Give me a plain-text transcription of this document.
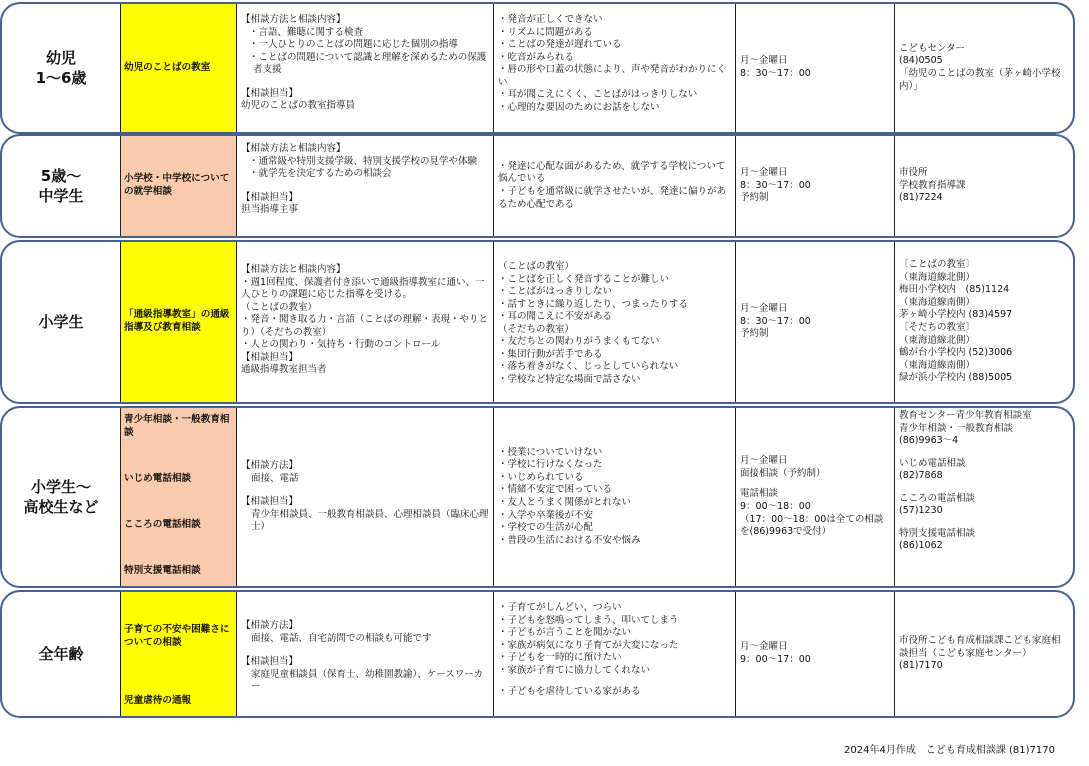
幼児
1～6歳
幼児のことばの教室
【相談方法と相談内容】
・言語、難聴に関する検査
・一人ひとりのことばの問題に応じた個別の指導
・ことばの問題について認識と理解を深めるための保護者支援
【相談担当】
幼児のことばの教室指導員
・発音が正しくできない
・リズムに問題がある
・ことばの発達が遅れている
・吃音がみられる
・唇の形や口蓋の状態により、声や発音がわかりにくい
・耳が聞こえにくく、ことばがはっきりしない
・心理的な要因のためにお話をしない
月～金曜日
8：30～17：00
こどもセンター
(84)0505
「幼児のことばの教室（茅ヶ崎小学校内）」
5歳～
中学生
小学校・中学校についての就学相談
【相談方法と相談内容】
・通常級や特別支援学級、特別支援学校の見学や体験
・就学先を決定するための相談会
【相談担当】
担当指導主事
・発達に心配な面があるため、就学する学校について悩んでいる
・子どもを通常級に就学させたいが、発達に偏りがあるため心配である
月～金曜日
8：30～17：00
予約制
市役所
学校教育指導課
(81)7224
小学生	「通級指導教室」の通級指導及び教育相談
【相談方法と相談内容】
・週1回程度、保護者付き添いで通級指導教室に通い、一人ひとりの課題に応じた指導を受ける。
（ことばの教室）
・発音・聞き取る力・言語（ことばの理解・表現・やりとり）（そだちの教室）
・人との関わり・気持ち・行動のコントロール
【相談担当】
通級指導教室担当者
（ことばの教室）
・ことばを正しく発音することが難しい
・ことばがはっきりしない
・話すときに繰り返したり、つまったりする
・耳の聞こえに不安がある
（そだちの教室）
・友だちとの関わりがうまくもてない
・集団行動が苦手である
・落ち着きがなく、じっとしていられない
・学校など特定な場面で話さない
月～金曜日
8：30～17：00
予約制
〔ことばの教室〕
（東海道線北側）
梅田小学校内　(85)1124
（東海道線南側）
茅ヶ崎小学校内 (83)4597
〔そだちの教室〕
（東海道線北側）
鶴が台小学校内 (52)3006
（東海道線南側）
緑が浜小学校内 (88)5005
小学生～
高校生など
青少年相談・一般教育相談
いじめ電話相談
こころの電話相談
特別支援電話相談
【相談方法】
面接、電話
【相談担当】
青少年相談員、一般教育相談員、心理相談員（臨床心理士）
・授業についていけない
・学校に行けなくなった
・いじめられている
・情緒不安定で困っている
・友人とうまく関係がとれない
・入学や卒業後が不安
・学校での生活が心配
・普段の生活における不安や悩み
月～金曜日
面接相談（予約制）
電話相談
9：00～18：00
（17：00～18：00は全ての相談を(86)9963で受付）
教育センター青少年教育相談室
青少年相談・一般教育相談
(86)9963～4
いじめ電話相談
(82)7868
こころの電話相談
(57)1230
特別支援電話相談
(86)1062
全年齢
子育ての不安や困難さについての相談
児童虐待の通報
【相談方法】
面接、電話、自宅訪問での相談も可能です
【相談担当】
家庭児童相談員（保育士、幼稚園教諭）、ケースワーカー
・子育てがしんどい、つらい
・子どもを怒鳴ってしまう、叩いてしまう
・子どもが言うことを聞かない
・家族が病気になり子育てが大変になった
・子どもを一時的に預けたい
・家族が子育てに協力してくれない
・子どもを虐待している家がある
月～金曜日
9：00～17：00
市役所こども育成相談課こども家庭相談担当（こども家庭センター）
(81)7170
2024年4月作成　こども育成相談課 (81)7170
